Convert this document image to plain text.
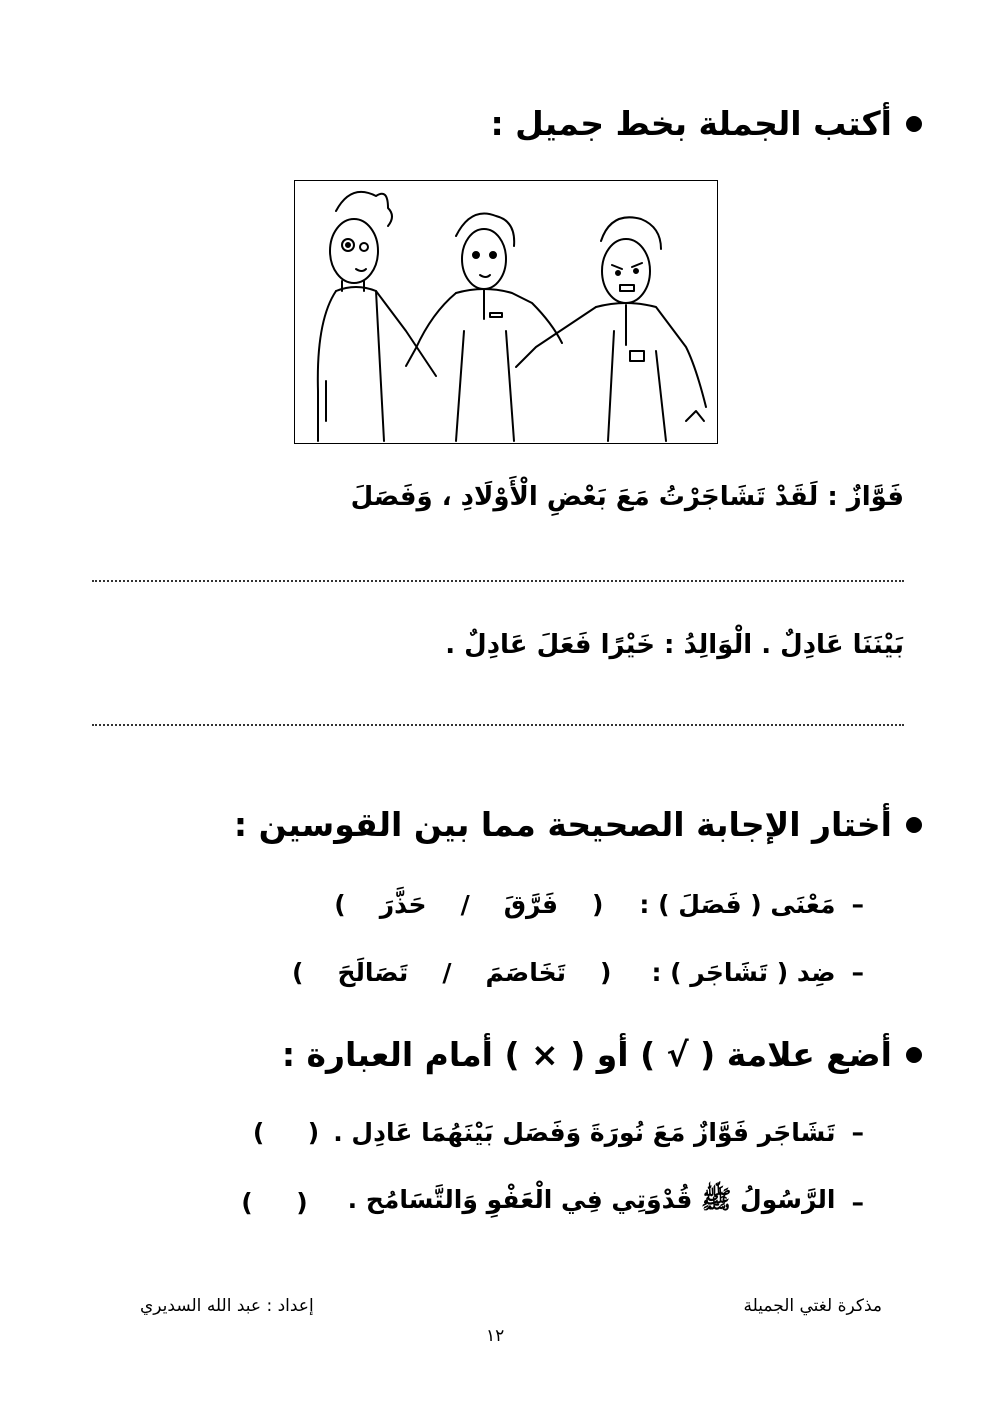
أكتب الجملة بخط جميل :
فَوَّازٌ : لَقَدْ تَشَاجَرْتُ مَعَ بَعْضِ الْأَوْلَادِ ، وَفَصَلَ
بَيْنَنَا عَادِلٌ . الْوَالِدُ : خَيْرًا فَعَلَ عَادِلٌ .
أختار الإجابة الصحيحة مما بين القوسين :
–
مَعْنَى ( فَصَلَ ) :
(
فَرَّقَ
/
حَذَّرَ
)
–
ضِد ( تَشَاجَر ) :
(
تَخَاصَمَ
/
تَصَالَحَ
)
أضع علامة ( √ ) أو ( × ) أمام العبارة :
–
تَشَاجَر فَوَّازٌ مَعَ نُورَةَ وَفَصَل بَيْنَهُمَا عَادِل .
(     )
–
الرَّسُولُ ﷺ قُدْوَتِي فِي الْعَفْوِ وَالتَّسَامُح .
(     )
مذكرة لغتي الجميلة
إعداد : عبد الله السديري
١٢
